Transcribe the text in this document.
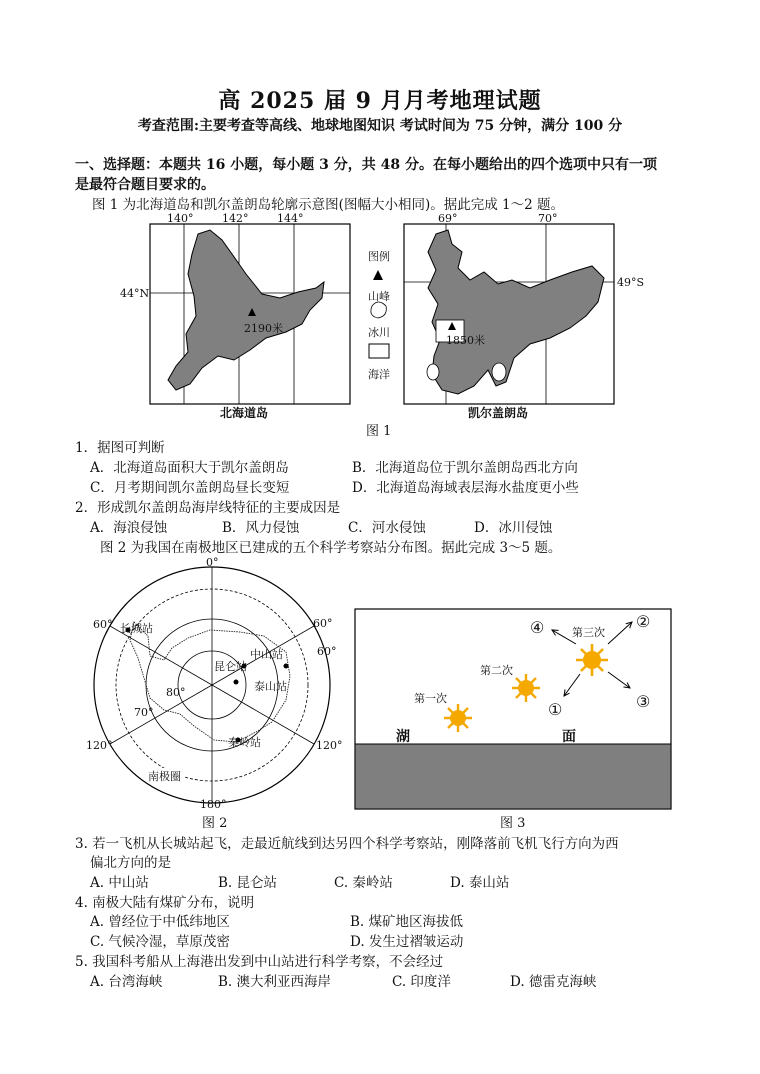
高 2025 届 9 月月考地理试题
考查范围:主要考查等高线、地球地图知识 考试时间为 75 分钟，满分 100 分
一、选择题：本题共 16 小题，每小题 3 分，共 48 分。在每小题给出的四个选项中只有一项
是最符合题目要求的。
图 1 为北海道岛和凯尔盖朗岛轮廓示意图(图幅大小相同)。据此完成 1～2 题。
140°	142°	144°	69°	70°
44°N
49°S
2190米
1850米
图例
山峰
冰川
海洋
北海道岛	凯尔盖朗岛
图 1
1．据图可判断
A．北海道岛面积大于凯尔盖朗岛	B．北海道岛位于凯尔盖朗岛西北方向
C．月考期间凯尔盖朗岛昼长变短	D．北海道岛海域表层海水盐度更小些
2．形成凯尔盖朗岛海岸线特征的主要成因是
A．海浪侵蚀	B．风力侵蚀	C．河水侵蚀	D．冰川侵蚀
图 2 为我国在南极地区已建成的五个科学考察站分布图。据此完成 3～5 题。
0°
180°
60°	60°
60°
120°	120°
70°
80°
长城站
昆仑站
中山站
泰山站
秦岭站
南极圈
图 2
④	②
①	③
第三次
第二次
第一次
湖	面
图 3
3. 若一飞机从长城站起飞，走最近航线到达另四个科学考察站，刚降落前飞机飞行方向为西
偏北方向的是
A. 中山站	B. 昆仑站	C. 秦岭站	D. 泰山站
4. 南极大陆有煤矿分布，说明
A. 曾经位于中低纬地区	B. 煤矿地区海拔低
C. 气候冷湿，草原茂密	D. 发生过褶皱运动
5. 我国科考船从上海港出发到中山站进行科学考察，不会经过
A. 台湾海峡	B. 澳大利亚西海岸	C. 印度洋	D. 德雷克海峡
